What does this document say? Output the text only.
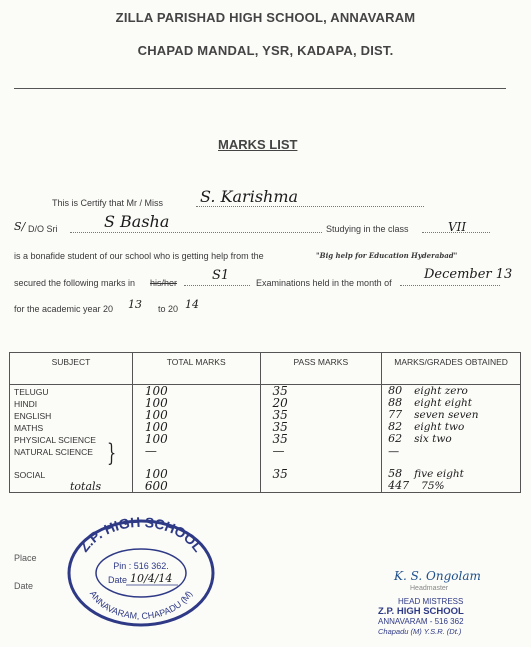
ZILLA PARISHAD HIGH SCHOOL, ANNAVARAM
CHAPAD MANDAL, YSR, KADAPA, DIST.
MARKS LIST
This is Certify that Mr / Miss S. Karishma
S/ D/O Sri	S Basha	Studying in the class	VII
is a bonafide student of our school who is getting help from the	"Big help for Education Hyderabad"
secured the following marks in his/her	S1	Examinations held in the month of
December 13
for the academic year 20 13 to 20 14
SUBJECT	TOTAL MARKS	PASS MARKS	MARKS/GRADES OBTAINED
TELUGU	100	35	80 eight zero
HINDI	100	20	88 eight eight
ENGLISH	100	35	77 seven seven
MATHS	100	35	82 eight two
PHYSICAL SCIENCE	100	35	62 six two
NATURAL SCIENCE	—	—	—

SOCIAL	100	35	58 five eight
totals	600		447 75%
}
Place
Date
Z.P. HIGH SCHOOL
ANNAVARAM, CHAPADU (M)
Pin : 516 362.
Date 10/4/14	K. S. Ongolam
Headmaster
HEAD MISTRESS
Z.P. HIGH SCHOOL
ANNAVARAM - 516 362
Chapadu (M) Y.S.R. (Dt.)
